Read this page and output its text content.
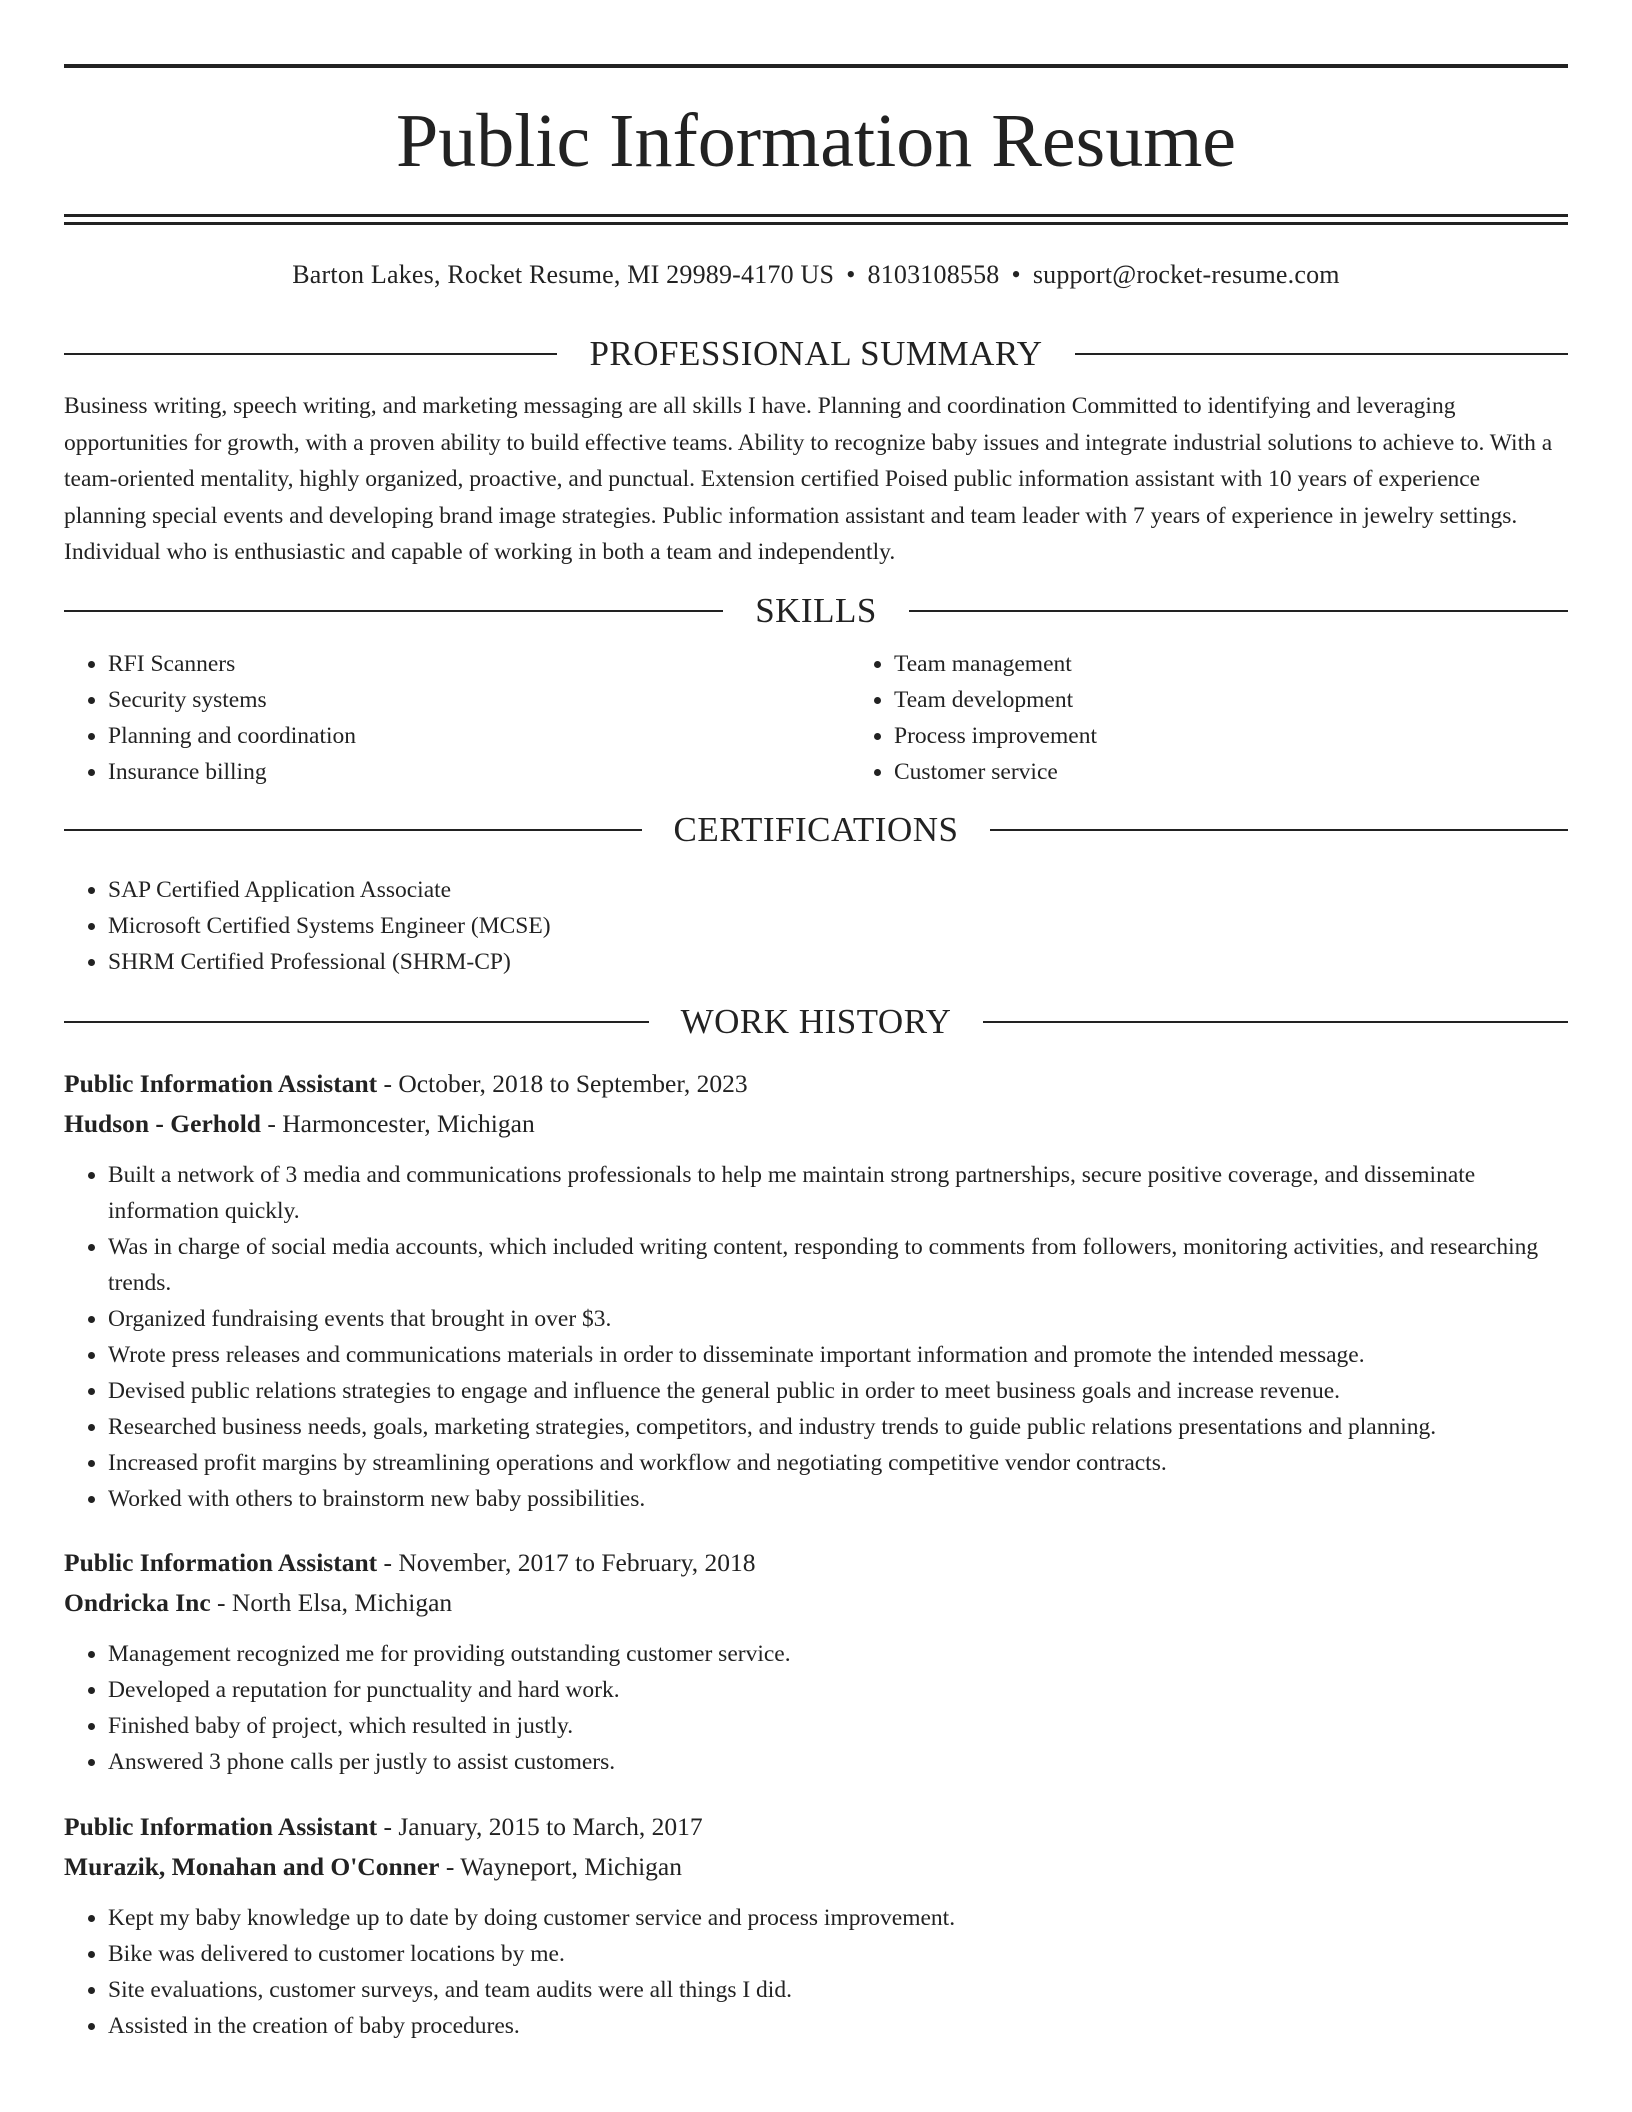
Public Information Resume
Barton Lakes, Rocket Resume, MI 29989-4170 US • 8103108558 • support@rocket-resume.com
PROFESSIONAL SUMMARY

Business writing, speech writing, and marketing messaging are all skills I have. Planning and coordination Committed to identifying and leveraging opportunities for growth, with a proven ability to build effective teams. Ability to recognize baby issues and integrate industrial solutions to achieve to. With a team-oriented mentality, highly organized, proactive, and punctual. Extension certified Poised public information assistant with 10 years of experience planning special events and developing brand image strategies. Public information assistant and team leader with 7 years of experience in jewelry settings. Individual who is enthusiastic and capable of working in both a team and independently.

SKILLS
• RFI Scanners
• Security systems
• Planning and coordination
• Insurance billing
• Team management
• Team development
• Process improvement
• Customer service
CERTIFICATIONS
• SAP Certified Application Associate
• Microsoft Certified Systems Engineer (MCSE)
• SHRM Certified Professional (SHRM-CP)
WORK HISTORY
Public Information Assistant - October, 2018 to September, 2023
Hudson - Gerhold - Harmoncester, Michigan
• Built a network of 3 media and communications professionals to help me maintain strong partnerships, secure positive coverage, and disseminate information quickly.
• Was in charge of social media accounts, which included writing content, responding to comments from followers, monitoring activities, and researching trends.
• Organized fundraising events that brought in over $3.
• Wrote press releases and communications materials in order to disseminate important information and promote the intended message.
• Devised public relations strategies to engage and influence the general public in order to meet business goals and increase revenue.
• Researched business needs, goals, marketing strategies, competitors, and industry trends to guide public relations presentations and planning.
• Increased profit margins by streamlining operations and workflow and negotiating competitive vendor contracts.
• Worked with others to brainstorm new baby possibilities.
Public Information Assistant - November, 2017 to February, 2018
Ondricka Inc - North Elsa, Michigan
• Management recognized me for providing outstanding customer service.
• Developed a reputation for punctuality and hard work.
• Finished baby of project, which resulted in justly.
• Answered 3 phone calls per justly to assist customers.
Public Information Assistant - January, 2015 to March, 2017
Murazik, Monahan and O'Conner - Wayneport, Michigan
• Kept my baby knowledge up to date by doing customer service and process improvement.
• Bike was delivered to customer locations by me.
• Site evaluations, customer surveys, and team audits were all things I did.
• Assisted in the creation of baby procedures.
